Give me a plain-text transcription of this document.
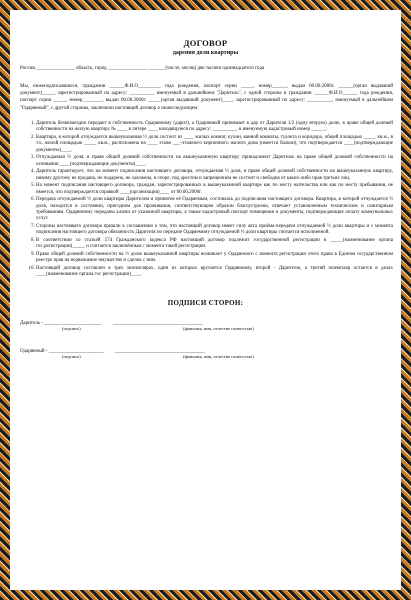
ДОГОВОР
дарения доли квартиры
Россия, _______________ область, город _______________, _______(число, месяц) две тысячи одиннадцатого года
Мы, нижеподписавшиеся, гражданин ______Ф.И.О_________ года рождения, паспорт серии _____, номер______, выдан 00.00.2000г. ______(орган выдавший документ)_____, зарегистрированный по адресу: __________ именуемый в дальнейшем "Даритель", с одной стороны и гражданин ______Ф.И.О______ года рождения, паспорт серии _____, номер________, выдан 00.00.2000г. _____(орган выдавший документ)____, зарегистрированный по адресу: __________, именуемый в дальнейшем "Одаряемый", с другой стороны, заключили настоящий договор о нижеследующем:
1. Даритель безвозмездно передает в собственность Одаряемому (дарит), а Одаряемый принимает в дар от Дарителя 1/2 (одну вторую) долю, в праве общей долевой собственности на жилую квартиру № ____ в литере ____ находящуюся по адресу: __________ и именуемую кадастровый номер ______.
2. Квартира, в которой отчуждается вышеуказанная ½ доля состоит из ____ жилых комнат, кухни, ванной комнаты, туалета и коридора, общей площадью _____ кв.м., в т.ч. жилой площадью _____ кв.м., расположена на ____ этаже ___-этажного кирпичного жилого дома (имеется балкон), что подтверждается ____(подтверждающие документы)____.
3. Отчуждаемая ½ доля, в праве общей долевой собственности на вышеуказанную квартиру принадлежит Дарителю на праве общей долевой собственности на основании ____(подтверждающие документы)____.
4. Даритель гарантирует, что на момент подписания настоящего договора, отчуждаемая ½ доля, в праве общей долевой собственности на вышеуказанную квартиру, никому другому не продана, не подарена, не заложена, в споре, под арестом и запрещением не состоит и свободна от каких-либо прав третьих лиц.
5. На момент подписания настоящего договора, граждан, зарегистрированных в вышеуказанной квартире как по месту жительства или как по месту пребывания, не имеется, что подтверждается справкой ____(организация)____ от 00.00.2000г.
6. Передача отчуждаемой ½ доли квартиры Дарителем и принятие её Одаряемым, состоялась до подписания настоящего договора. Квартира, в которой отчуждается ½ доля, находится в состоянии, пригодном для проживания, соответствующим образом благоустроена, отвечает установленным техническим и санитарным требованиям. Одаряемому переданы ключи от указанной квартиры, а также кадастровый паспорт помещения и документы, подтверждающие оплату коммунальных услуг.
7. Стороны настоящего договора пришли к соглашению о том, что настоящий договор имеет силу акта приёма-передачи отчуждаемой ½ доли квартиры и с момента подписания настоящего договора обязанность Дарителя по передаче Одаряемому отчуждаемой ½ доли квартиры считается исполненной.
8. В соответствии со статьей 574 Гражданского кодекса РФ настоящий договор подлежит государственной регистрации в _____(наименование органа гос.регистрации)_____ и считается заключённым с момента такой регистрации.
9. Право общей долевой собственности на ½ долю вышеуказанной квартиры возникает у Одаряемого с момента регистрации этого права в Едином государственном реестре прав на недвижимое имущество и сделок с ним.
10. Настоящий договор составлен в трех экземплярах, один из которых вручается Одаряемому, второй - Дарителю, а третий экземпляр остается в делах ____(наименование органа гос регистрации)____.
ПОДПИСИ СТОРОН:
Даритель - _______________________ ____________________________________
(подпись)	(фамилия, имя, отчество полностью)
Одаряемый - ______________________ ____________________________________
(подпись)	(фамилия, имя, отчество полностью)
